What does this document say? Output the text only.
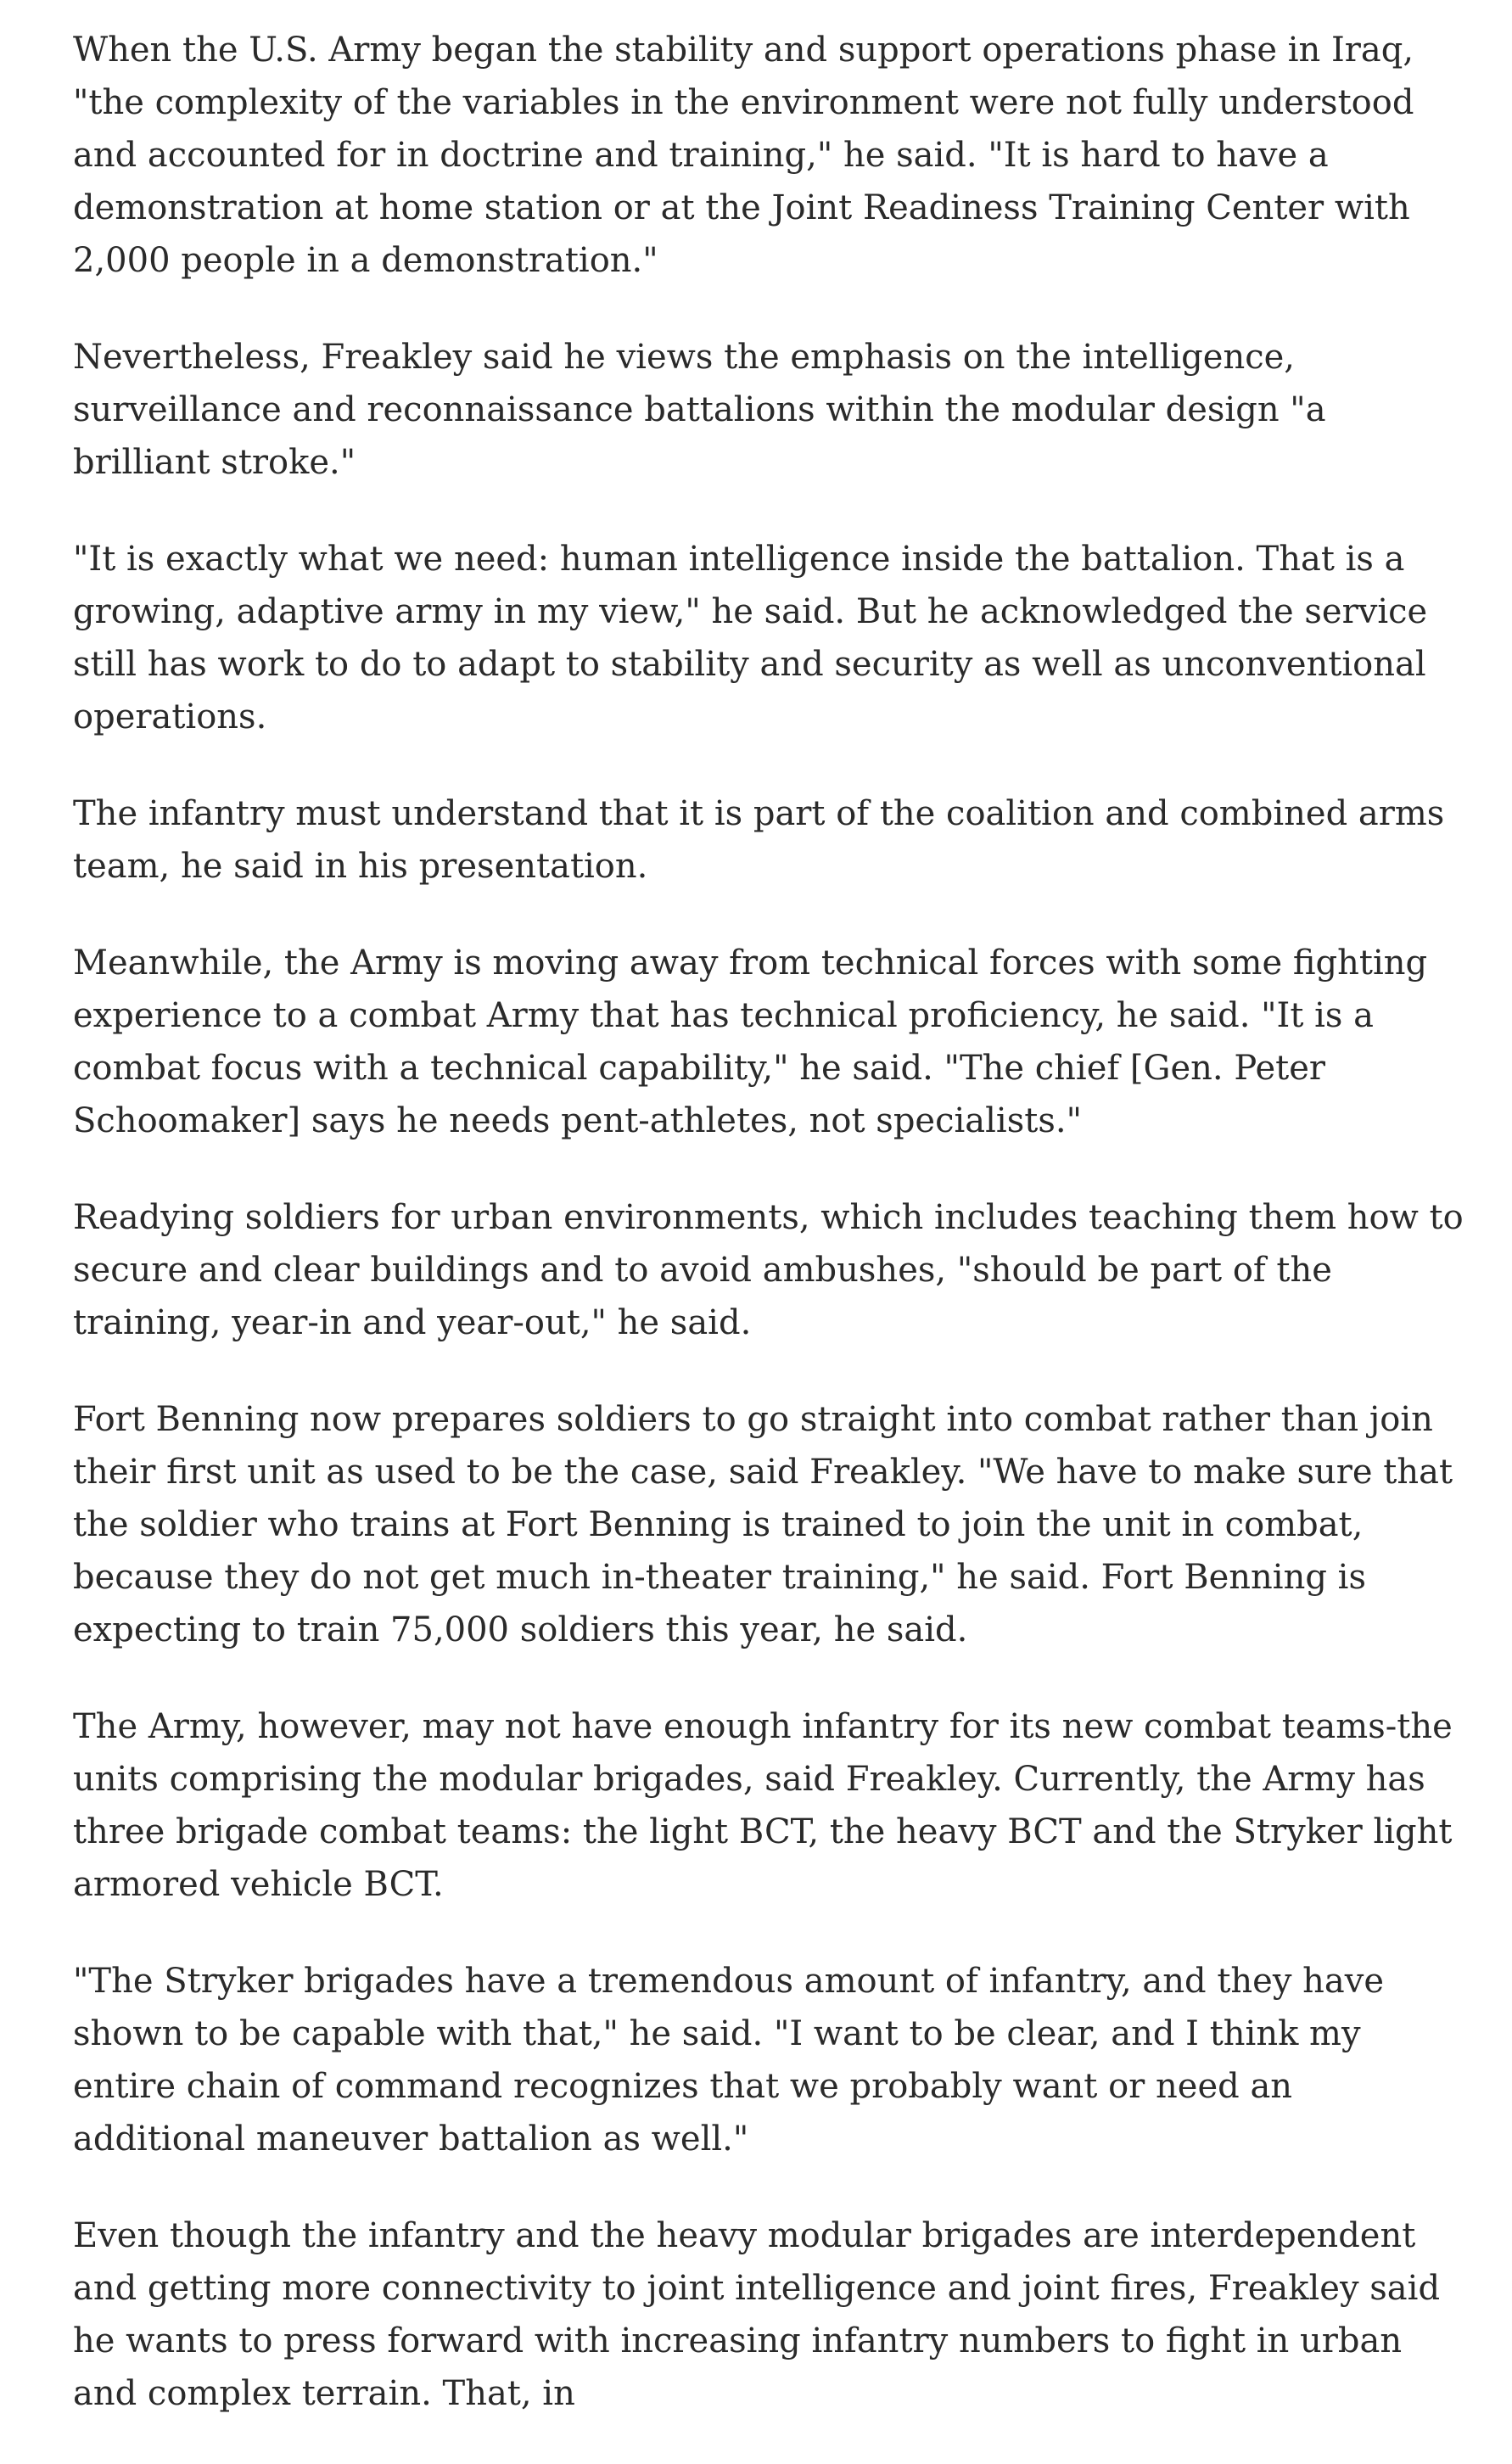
When the U.S. Army began the stability and support operations phase in Iraq, "the complexity of the variables in the environment were not fully understood and accounted for in doctrine and training," he said. "It is hard to have a demonstration at home station or at the Joint Readiness Training Center with 2,000 people in a demonstration."

Nevertheless, Freakley said he views the emphasis on the intelligence, surveillance and reconnaissance battalions within the modular design "a brilliant stroke."

"It is exactly what we need: human intelligence inside the battalion. That is a growing, adaptive army in my view," he said. But he acknowledged the service still has work to do to adapt to stability and security as well as unconventional operations.

The infantry must understand that it is part of the coalition and combined arms team, he said in his presentation.

Meanwhile, the Army is moving away from technical forces with some fighting experience to a combat Army that has technical proficiency, he said. "It is a combat focus with a technical capability," he said. "The chief [Gen. Peter Schoomaker] says he needs pent-athletes, not specialists."

Readying soldiers for urban environments, which includes teaching them how to secure and clear buildings and to avoid ambushes, "should be part of the training, year-in and year-out," he said.

Fort Benning now prepares soldiers to go straight into combat rather than join their first unit as used to be the case, said Freakley. "We have to make sure that the soldier who trains at Fort Benning is trained to join the unit in combat, because they do not get much in-theater training," he said. Fort Benning is expecting to train 75,000 soldiers this year, he said.

The Army, however, may not have enough infantry for its new combat teams-the units comprising the modular brigades, said Freakley. Currently, the Army has three brigade combat teams: the light BCT, the heavy BCT and the Stryker light armored vehicle BCT.

"The Stryker brigades have a tremendous amount of infantry, and they have shown to be capable with that," he said. "I want to be clear, and I think my entire chain of command recognizes that we probably want or need an additional maneuver battalion as well."

Even though the infantry and the heavy modular brigades are interdependent and getting more connectivity to joint intelligence and joint fires, Freakley said he wants to press forward with increasing infantry numbers to fight in urban and complex terrain. That, in
